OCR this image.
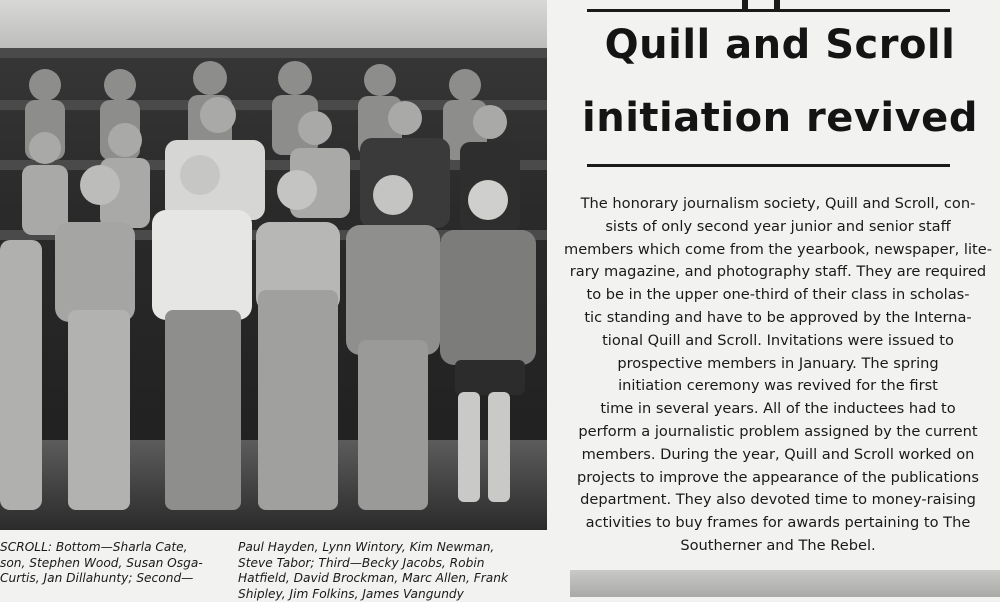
Quill and Scroll
initiation revived
The honorary journalism society, Quill and Scroll, con-
sists of only second year junior and senior staff
members which come from the yearbook, newspaper, lite-
rary magazine, and photography staff. They are required
to be in the upper one-third of their class in scholas-
tic standing and have to be approved by the Interna-
tional Quill and Scroll. Invitations were issued to
prospective members in January. The spring
initiation ceremony was revived for the first
time in several years. All of the inductees had to
perform a journalistic problem assigned by the current
members. During the year, Quill and Scroll worked on
projects to improve the appearance of the publications
department. They also devoted time to money-raising
activities to buy frames for awards pertaining to The
Southerner and The Rebel.
SCROLL: Bottom—Sharla Cate,
son, Stephen Wood, Susan Osga-
Curtis, Jan Dillahunty; Second—
Paul Hayden, Lynn Wintory, Kim Newman,
Steve Tabor; Third—Becky Jacobs, Robin
Hatfield, David Brockman, Marc Allen, Frank
Shipley, Jim Folkins, James Vangundy
